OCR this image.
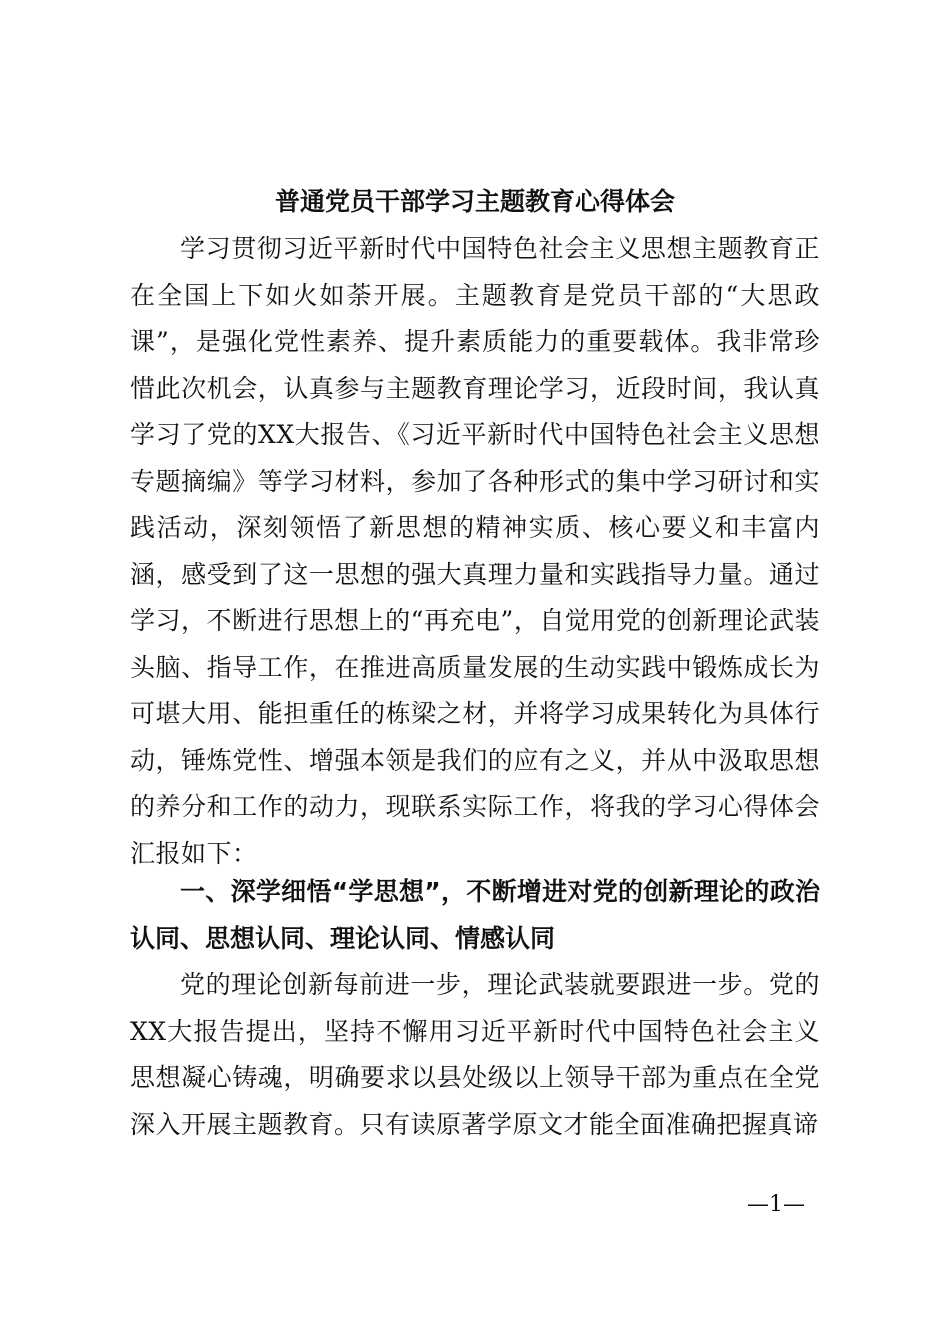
普通党员干部学习主题教育心得体会
学习贯彻习近平新时代中国特色社会主义思想主题教育正在全国上下如火如荼开展。主题教育是党员干部的“大思政课”，是强化党性素养、提升素质能力的重要载体。我非常珍惜此次机会，认真参与主题教育理论学习，近段时间，我认真学习了党的XX大报告、《习近平新时代中国特色社会主义思想专题摘编》等学习材料，参加了各种形式的集中学习研讨和实践活动，深刻领悟了新思想的精神实质、核心要义和丰富内涵，感受到了这一思想的强大真理力量和实践指导力量。通过学习，不断进行思想上的“再充电”，自觉用党的创新理论武装头脑、指导工作，在推进高质量发展的生动实践中锻炼成长为可堪大用、能担重任的栋梁之材，并将学习成果转化为具体行动，锤炼党性、增强本领是我们的应有之义，并从中汲取思想的养分和工作的动力，现联系实际工作，将我的学习心得体会汇报如下：
一、深学细悟“学思想”，不断增进对党的创新理论的政治认同、思想认同、理论认同、情感认同
党的理论创新每前进一步，理论武装就要跟进一步。党的XX大报告提出，坚持不懈用习近平新时代中国特色社会主义思想凝心铸魂，明确要求以县处级以上领导干部为重点在全党深入开展主题教育。只有读原著学原文才能全面准确把握真谛
—1—
